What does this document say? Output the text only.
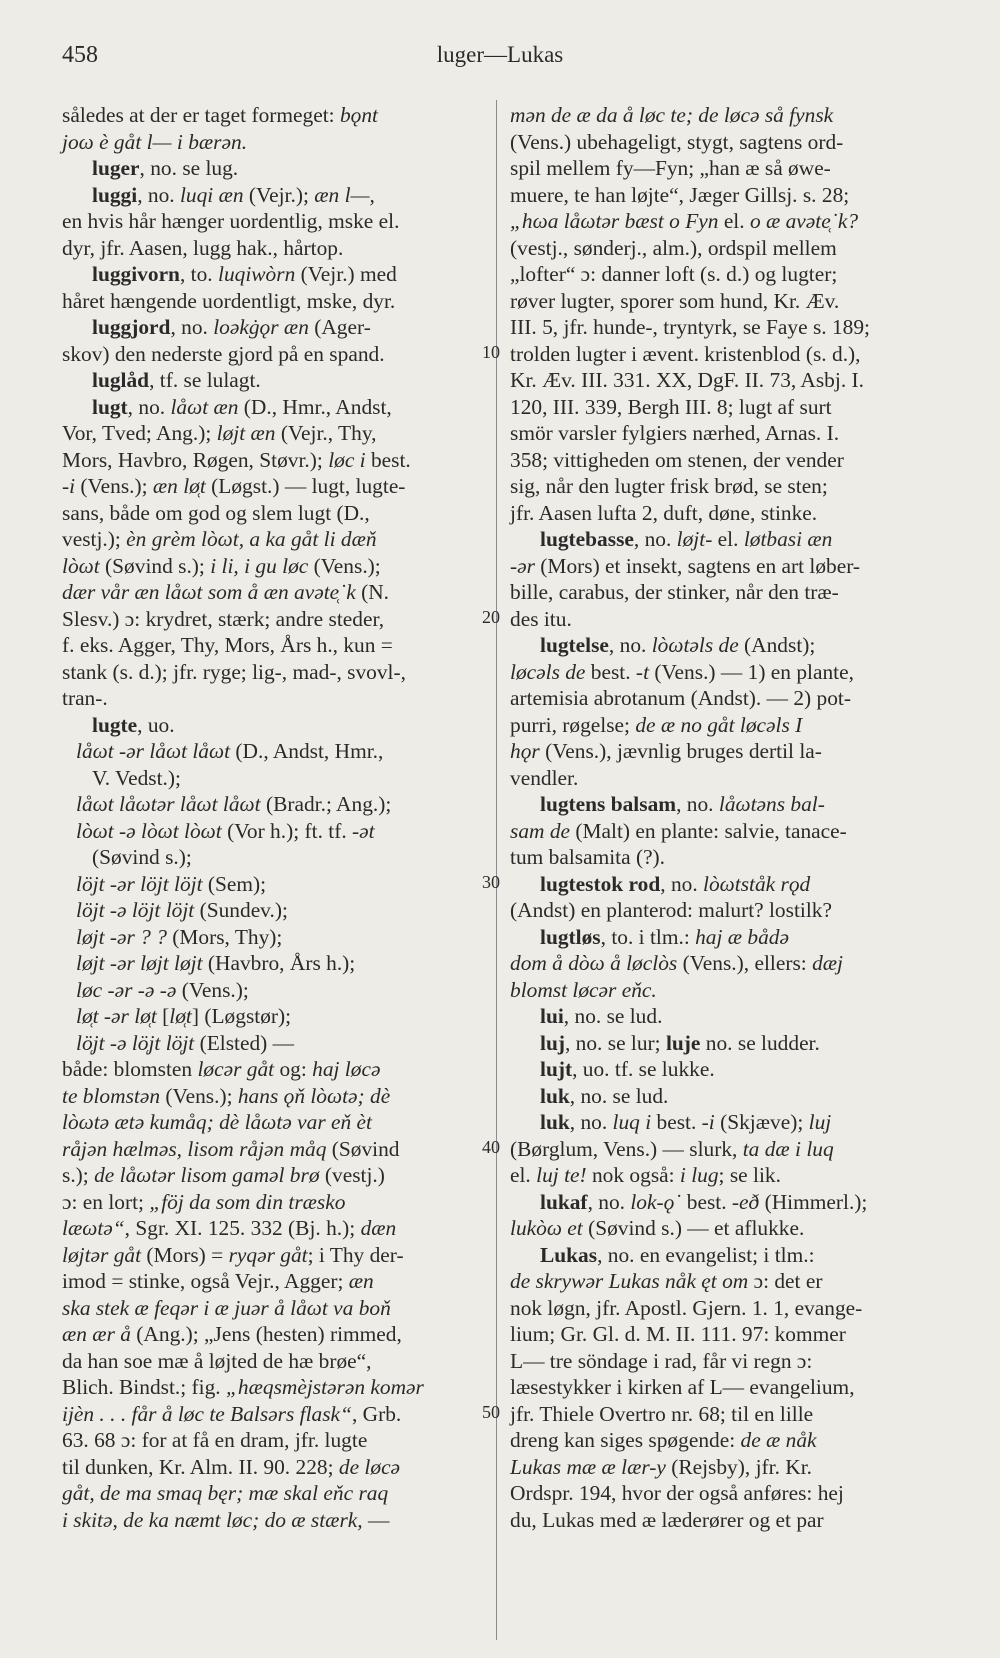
458	luger—Lukas
således at der er taget formeget: bǫnt
joω è gåt l— i bærən.
luger, no. se lug.
luggi, no. luqi æn (Vejr.); æn l—,
en hvis hår hænger uordentlig, mske el.
dyr, jfr. Aasen, lugg hak., hårtop.
luggivorn, to. luqiwòrn (Vejr.) med
håret hængende uordentligt, mske, dyr.
luggjord, no. loəkġǫr æn (Ager-
skov) den nederste gjord på en spand.
luglåd, tf. se lulagt.
lugt, no. låωt æn (D., Hmr., Andst,
Vor, Tved; Ang.); løjt æn (Vejr., Thy,
Mors, Havbro, Røgen, Støvr.); løc i best.
-i (Vens.); æn lø̜t (Løgst.) — lugt, lugte-
sans, både om god og slem lugt (D.,
vestj.); èn grèm lòωt, a ka gåt li dæň
lòωt (Søvind s.); i li, i gu løc (Vens.);
dær vår æn låωt som å æn avəte̜˙k (N.
Slesv.) ɔ: krydret, stærk; andre steder,
f. eks. Agger, Thy, Mors, Års h., kun =
stank (s. d.); jfr. ryge; lig-, mad-, svovl-,
tran-.
lugte, uo.
låωt -ər låωt låωt (D., Andst, Hmr.,
V. Vedst.);
låωt låωtər låωt låωt (Bradr.; Ang.);
lòωt -ə lòωt lòωt (Vor h.); ft. tf. -ət
(Søvind s.);
löjt -ər löjt löjt (Sem);
löjt -ə löjt löjt (Sundev.);
løjt -ər ? ? (Mors, Thy);
løjt -ər løjt løjt (Havbro, Års h.);
løc -ər -ə -ə (Vens.);
lø̜t -ər lø̜t [lø̜t] (Løgstør);
lö̜jt -ə lö̜jt lö̜jt (Elsted) —
både: blomsten løcər gåt og: haj løcə
te blomstən (Vens.); hans ǫň lòωtə; dè
lòωtə ætə kumåq; dè låωtə var eň èt
råjən hælməs, lisom råjən måq (Søvind
s.); de låωtər lisom gaməl brø (vestj.)
ɔ: en lort; „föj da som din træsko
læωtə“, Sgr. XI. 125. 332 (Bj. h.); dæn
løjtər gåt (Mors) = ryqər gåt; i Thy der-
imod = stinke, også Vejr., Agger; æn
ska stek æ feqər i æ juər å låωt va boň
æn ær å (Ang.); „Jens (hesten) rimmed,
da han soe mæ å løjted de hæ brøe“,
Blich. Bindst.; fig. „hæqsmèjstərən komər
ijèn . . . får å løc te Balsərs flask“, Grb.
63. 68 ɔ: for at få en dram, jfr. lugte
til dunken, Kr. Alm. II. 90. 228; de løcə
gåt, de ma smaq bęr; mæ skal eňc raq
i skitə, de ka næmt løc; do æ stærk, —
mən de æ da å løc te; de løcə så fynsk
(Vens.) ubehageligt, stygt, sagtens ord-
spil mellem fy—Fyn; „han æ så øwe-
muere, te han løjte“, Jæger Gillsj. s. 28;
„hωa låωtər bæst o Fyn el. o æ avəte̜˙k?
(vestj., sønderj., alm.), ordspil mellem
„lofter“ ɔ: danner loft (s. d.) og lugter;
røver lugter, sporer som hund, Kr. Æv.
III. 5, jfr. hunde-, tryntyrk, se Faye s. 189;
trolden lugter i ævent. kristenblod (s. d.),
Kr. Æv. III. 331. XX, DgF. II. 73, Asbj. I.
120, III. 339, Bergh III. 8; lugt af surt
smör varsler fylgiers nærhed, Arnas. I.
358; vittigheden om stenen, der vender
sig, når den lugter frisk brød, se sten;
jfr. Aasen lufta 2, duft, døne, stinke.
lugtebasse, no. løjt- el. løtbasi æn
-ər (Mors) et insekt, sagtens en art løber-
bille, carabus, der stinker, når den træ-
des itu.
lugtelse, no. lòωtəls de (Andst);
løcəls de best. -t (Vens.) — 1) en plante,
artemisia abrotanum (Andst). — 2) pot-
purri, røgelse; de æ no gåt løcəls I
hǫr (Vens.), jævnlig bruges dertil la-
vendler.
lugtens balsam, no. låωtəns bal-
sam de (Malt) en plante: salvie, tanace-
tum balsamita (?).
lugtestok rod, no. lòωtståk rǫd
(Andst) en planterod: malurt? lostilk?
lugtløs, to. i tlm.: haj æ bådə
dom å dòω å løclòs (Vens.), ellers: dæj
blomst løcər eňc.
lui, no. se lud.
luj, no. se lur; luje no. se ludder.
lujt, uo. tf. se lukke.
luk, no. se lud.
luk, no. luq i best. -i (Skjæve); luj
(Børglum, Vens.) — slurk, ta dæ i luq
el. luj te! nok også: i lug; se lik.
lukaf, no. lok-ǫ˙ best. -eð (Himmerl.);
lukòω et (Søvind s.) — et aflukke.
Lukas, no. en evangelist; i tlm.:
de skrywər Lukas nåk ęt om ɔ: det er
nok løgn, jfr. Apostl. Gjern. 1. 1, evange-
lium; Gr. Gl. d. M. II. 111. 97: kommer
L— tre söndage i rad, får vi regn ɔ:
læsestykker i kirken af L— evangelium,
jfr. Thiele Overtro nr. 68; til en lille
dreng kan siges spøgende: de æ nåk
Lukas mæ æ lær-y (Rejsby), jfr. Kr.
Ordspr. 194, hvor der også anføres: hej
du, Lukas med æ læderører og et par
10
20
30
40
50
